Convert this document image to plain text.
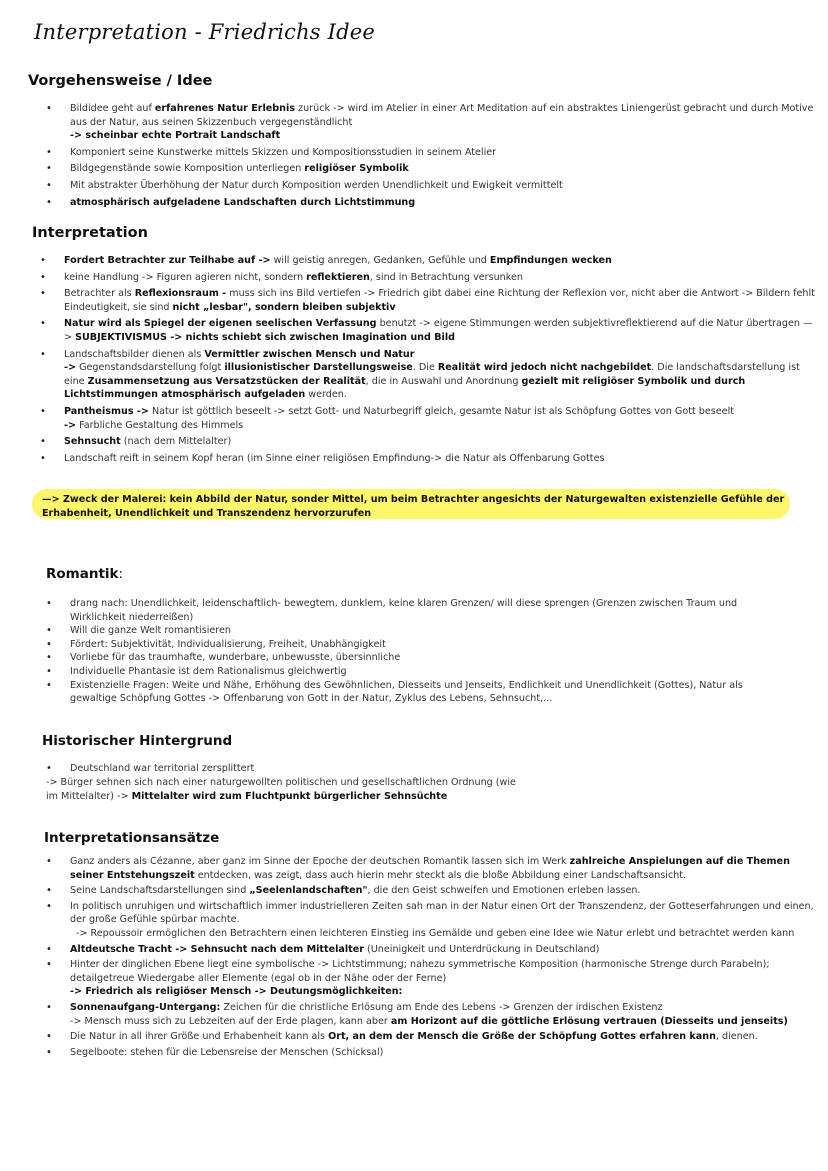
Interpretation - Friedrichs Idee
Vorgehensweise / Idee
• Bildidee geht auf erfahrenes Natur Erlebnis zurück -> wird im Atelier in einer Art Meditation auf ein abstraktes Liniengerüst gebracht und durch Motive aus der Natur, aus seinen Skizzenbuch vergegenständlicht
-> scheinbar echte Portrait Landschaft
• Komponiert seine Kunstwerke mittels Skizzen und Kompositionsstudien in seinem Atelier
• Bildgegenstände sowie Komposition unterliegen religiöser Symbolik
• Mit abstrakter Überhöhung der Natur durch Komposition werden Unendlichkeit und Ewigkeit vermittelt
• atmosphärisch aufgeladene Landschaften durch Lichtstimmung
Interpretation
• Fordert Betrachter zur Teilhabe auf -> will geistig anregen, Gedanken, Gefühle und Empfindungen wecken
• keine Handlung -> Figuren agieren nicht, sondern reflektieren, sind in Betrachtung versunken
• Betrachter als Reflexionsraum - muss sich ins Bild vertiefen -> Friedrich gibt dabei eine Richtung der Reflexion vor, nicht aber die Antwort -> Bildern fehlt Eindeutigkeit, sie sind nicht „lesbar", sondern bleiben subjektiv
• Natur wird als Spiegel der eigenen seelischen Verfassung benutzt -> eigene Stimmungen werden subjektivreflektierend auf die Natur übertragen —> SUBJEKTIVISMUS -> nichts schiebt sich zwischen Imagination und Bild
• Landschaftsbilder dienen als Vermittler zwischen Mensch und Natur
-> Gegenstandsdarstellung folgt illusionistischer Darstellungsweise. Die Realität wird jedoch nicht nachgebildet. Die landschaftsdarstellung ist eine Zusammensetzung aus Versatzstücken der Realität, die in Auswahl und Anordnung gezielt mit religiöser Symbolik und durch Lichtstimmungen atmosphärisch aufgeladen werden.
• Pantheismus -> Natur ist göttlich beseelt -> setzt Gott- und Naturbegriff gleich, gesamte Natur ist als Schöpfung Gottes von Gott beseelt
-> Farbliche Gestaltung des Himmels
• Sehnsucht (nach dem Mittelalter)
• Landschaft reift in seinem Kopf heran (im Sinne einer religiösen Empfindung-> die Natur als Offenbarung Gottes
—> Zweck der Malerei: kein Abbild der Natur, sonder Mittel, um beim Betrachter angesichts der Naturgewalten existenzielle Gefühle der Erhabenheit, Unendlichkeit und Transzendenz hervorzurufen
Romantik:
• drang nach: Unendlichkeit, leidenschaftlich- bewegtem, dunklem, keine klaren Grenzen/ will diese sprengen (Grenzen zwischen Traum und Wirklichkeit niederreißen)
• Will die ganze Welt romantisieren
• Fördert: Subjektivität, Individualisierung, Freiheit, Unabhängigkeit
• Vorliebe für das traumhafte, wunderbare, unbewusste, übersinnliche
• Individuelle Phantasie ist dem Rationalismus gleichwertig
• Existenzielle Fragen: Weite und Nähe, Erhöhung des Gewöhnlichen, Diesseits und Jenseits, Endlichkeit und Unendlichkeit (Gottes), Natur als gewaltige Schöpfung Gottes -> Offenbarung von Gott in der Natur, Zyklus des Lebens, Sehnsucht,...
Historischer Hintergrund
• Deutschland war territorial zersplittert
-> Bürger sehnen sich nach einer naturgewollten politischen und gesellschaftlichen Ordnung (wie
im Mittelalter) -> Mittelalter wird zum Fluchtpunkt bürgerlicher Sehnsüchte
Interpretationsansätze
• Ganz anders als Cézanne, aber ganz im Sinne der Epoche der deutschen Romantik lassen sich im Werk zahlreiche Anspielungen auf die Themen seiner Entstehungszeit entdecken, was zeigt, dass auch hierin mehr steckt als die bloße Abbildung einer Landschaftsansicht.
• Seine Landschaftsdarstellungen sind „Seelenlandschaften", die den Geist schweifen und Emotionen erleben lassen.
• In politisch unruhigen und wirtschaftlich immer industrielleren Zeiten sah man in der Natur einen Ort der Transzendenz, der Gotteserfahrungen und einen, der große Gefühle spürbar machte.
-> Repoussoir ermöglichen den Betrachtern einen leichteren Einstieg ins Gemälde und geben eine Idee wie Natur erlebt und betrachtet werden kann
• Altdeutsche Tracht -> Sehnsucht nach dem Mittelalter (Uneinigkeit und Unterdrückung in Deutschland)
• Hinter der dinglichen Ebene liegt eine symbolische -> Lichtstimmung; nahezu symmetrische Komposition (harmonische Strenge durch Parabeln); detailgetreue Wiedergabe aller Elemente (egal ob in der Nähe oder der Ferne)
-> Friedrich als religiöser Mensch -> Deutungsmöglichkeiten:
• Sonnenaufgang-Untergang: Zeichen für die christliche Erlösung am Ende des Lebens -> Grenzen der irdischen Existenz
-> Mensch muss sich zu Lebzeiten auf der Erde plagen, kann aber am Horizont auf die göttliche Erlösung vertrauen (Diesseits und jenseits)
• Die Natur in all ihrer Größe und Erhabenheit kann als Ort, an dem der Mensch die Größe der Schöpfung Gottes erfahren kann, dienen.
• Segelboote: stehen für die Lebensreise der Menschen (Schicksal)
